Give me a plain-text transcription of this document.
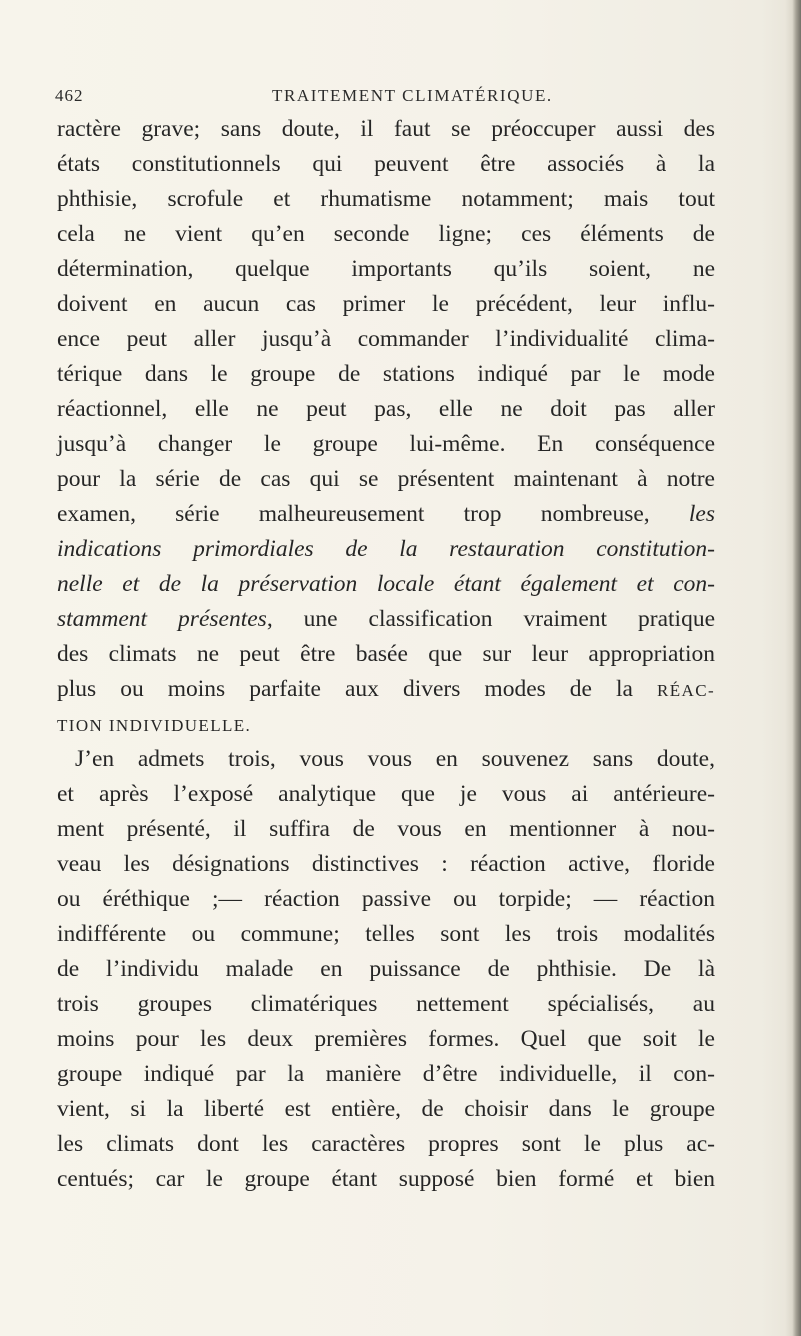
462	TRAITEMENT CLIMATÉRIQUE.
ractère grave; sans doute, il faut se préoccuper aussi des
états constitutionnels qui peuvent être associés à la
phthisie, scrofule et rhumatisme notamment; mais tout
cela ne vient qu’en seconde ligne; ces éléments de
détermination, quelque importants qu’ils soient, ne
doivent en aucun cas primer le précédent, leur influ-
ence peut aller jusqu’à commander l’individualité clima-
térique dans le groupe de stations indiqué par le mode
réactionnel, elle ne peut pas, elle ne doit pas aller
jusqu’à changer le groupe lui-même. En conséquence
pour la série de cas qui se présentent maintenant à notre
examen, série malheureusement trop nombreuse, les
indications primordiales de la restauration constitution-
nelle et de la préservation locale étant également et con-
stamment présentes, une classification vraiment pratique
des climats ne peut être basée que sur leur appropriation
plus ou moins parfaite aux divers modes de la RÉAC-
TION INDIVIDUELLE.
J’en admets trois, vous vous en souvenez sans doute,
et après l’exposé analytique que je vous ai antérieure-
ment présenté, il suffira de vous en mentionner à nou-
veau les désignations distinctives : réaction active, floride
ou éréthique ;— réaction passive ou torpide; — réaction
indifférente ou commune; telles sont les trois modalités
de l’individu malade en puissance de phthisie. De là
trois groupes climatériques nettement spécialisés, au
moins pour les deux premières formes. Quel que soit le
groupe indiqué par la manière d’être individuelle, il con-
vient, si la liberté est entière, de choisir dans le groupe
les climats dont les caractères propres sont le plus ac-
centués; car le groupe étant supposé bien formé et bien
